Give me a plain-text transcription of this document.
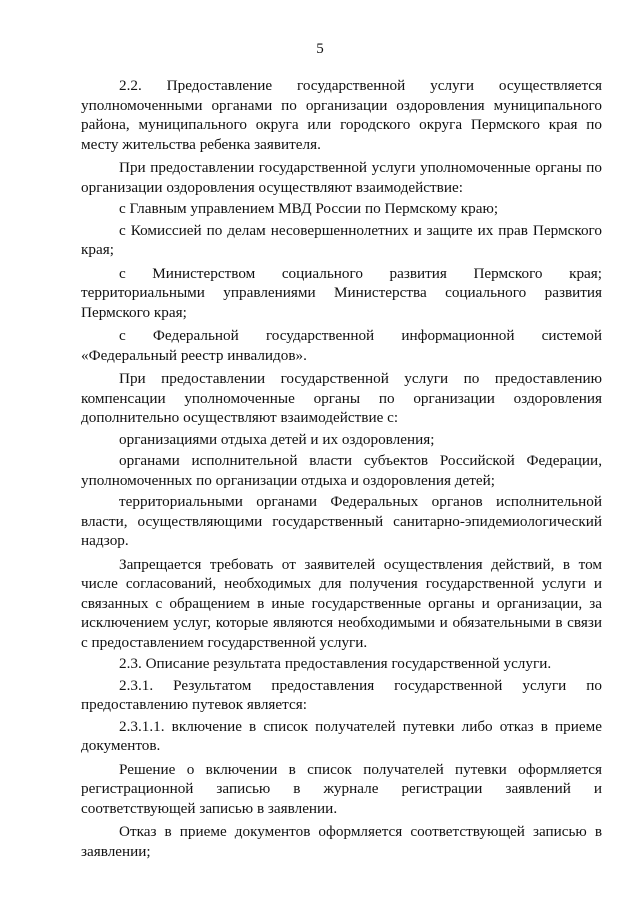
5

2.2. Предоставление государственной услуги осуществляется уполномоченными органами по организации оздоровления муниципального района, муниципального округа или городского округа Пермского края по месту жительства ребенка заявителя.

При предоставлении государственной услуги уполномоченные органы по организации оздоровления осуществляют взаимодействие:

с Главным управлением МВД России по Пермскому краю;

с Комиссией по делам несовершеннолетних и защите их прав Пермского края;

с Министерством социального развития Пермского края; территориальными управлениями Министерства социального развития Пермского края;

с Федеральной государственной информационной системой «Федеральный реестр инвалидов».

При предоставлении государственной услуги по предоставлению компенсации уполномоченные органы по организации оздоровления дополнительно осуществляют взаимодействие с:

организациями отдыха детей и их оздоровления;

органами исполнительной власти субъектов Российской Федерации, уполномоченных по организации отдыха и оздоровления детей;

территориальными органами Федеральных органов исполнительной власти, осуществляющими государственный санитарно-эпидемиологический надзор.

Запрещается требовать от заявителей осуществления действий, в том числе согласований, необходимых для получения государственной услуги и связанных с обращением в иные государственные органы и организации, за исключением услуг, которые являются необходимыми и обязательными в связи с предоставлением государственной услуги.

2.3. Описание результата предоставления государственной услуги.

2.3.1. Результатом предоставления государственной услуги по предоставлению путевок является:

2.3.1.1. включение в список получателей путевки либо отказ в приеме документов.

Решение о включении в список получателей путевки оформляется регистрационной записью в журнале регистрации заявлений и соответствующей записью в заявлении.

Отказ в приеме документов оформляется соответствующей записью в заявлении;
